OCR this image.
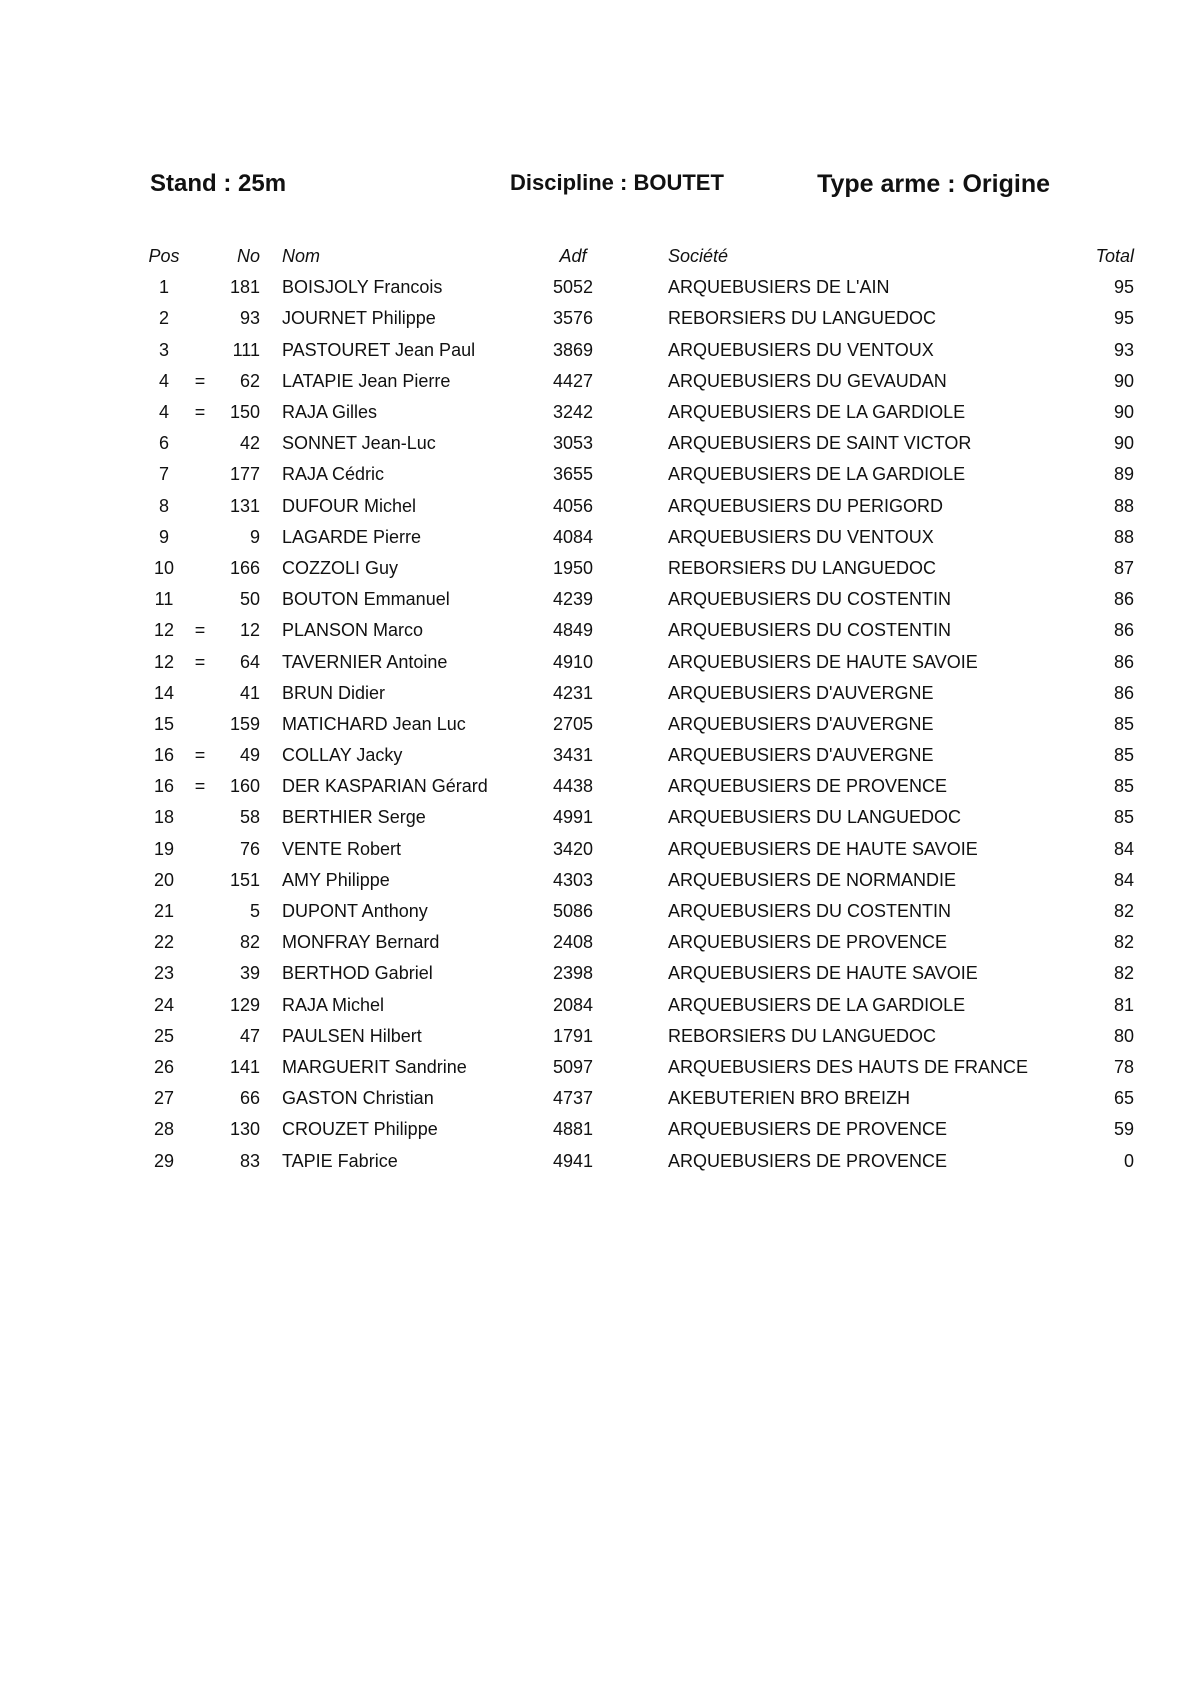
Stand : 25m	Discipline : BOUTET	Type arme : Origine
Pos		No	Nom	Adf	Société	Total
1		181	BOISJOLY Francois	5052	ARQUEBUSIERS DE L'AIN	95
2		93	JOURNET Philippe	3576	REBORSIERS DU LANGUEDOC	95
3		111	PASTOURET Jean Paul	3869	ARQUEBUSIERS DU VENTOUX	93
4	=	62	LATAPIE Jean Pierre	4427	ARQUEBUSIERS DU GEVAUDAN	90
4	=	150	RAJA Gilles	3242	ARQUEBUSIERS DE LA GARDIOLE	90
6		42	SONNET Jean-Luc	3053	ARQUEBUSIERS DE SAINT VICTOR	90
7		177	RAJA Cédric	3655	ARQUEBUSIERS DE LA GARDIOLE	89
8		131	DUFOUR Michel	4056	ARQUEBUSIERS DU PERIGORD	88
9		9	LAGARDE Pierre	4084	ARQUEBUSIERS DU VENTOUX	88
10		166	COZZOLI Guy	1950	REBORSIERS DU LANGUEDOC	87
11		50	BOUTON Emmanuel	4239	ARQUEBUSIERS DU COSTENTIN	86
12	=	12	PLANSON Marco	4849	ARQUEBUSIERS DU COSTENTIN	86
12	=	64	TAVERNIER Antoine	4910	ARQUEBUSIERS DE HAUTE SAVOIE	86
14		41	BRUN Didier	4231	ARQUEBUSIERS D'AUVERGNE	86
15		159	MATICHARD Jean Luc	2705	ARQUEBUSIERS D'AUVERGNE	85
16	=	49	COLLAY Jacky	3431	ARQUEBUSIERS D'AUVERGNE	85
16	=	160	DER KASPARIAN Gérard	4438	ARQUEBUSIERS DE PROVENCE	85
18		58	BERTHIER Serge	4991	ARQUEBUSIERS DU LANGUEDOC	85
19		76	VENTE Robert	3420	ARQUEBUSIERS DE HAUTE SAVOIE	84
20		151	AMY Philippe	4303	ARQUEBUSIERS DE NORMANDIE	84
21		5	DUPONT Anthony	5086	ARQUEBUSIERS DU COSTENTIN	82
22		82	MONFRAY Bernard	2408	ARQUEBUSIERS DE PROVENCE	82
23		39	BERTHOD Gabriel	2398	ARQUEBUSIERS DE HAUTE SAVOIE	82
24		129	RAJA Michel	2084	ARQUEBUSIERS DE LA GARDIOLE	81
25		47	PAULSEN Hilbert	1791	REBORSIERS DU LANGUEDOC	80
26		141	MARGUERIT Sandrine	5097	ARQUEBUSIERS DES HAUTS DE FRANCE	78
27		66	GASTON Christian	4737	AKEBUTERIEN BRO BREIZH	65
28		130	CROUZET Philippe	4881	ARQUEBUSIERS DE PROVENCE	59
29		83	TAPIE Fabrice	4941	ARQUEBUSIERS DE PROVENCE	0
